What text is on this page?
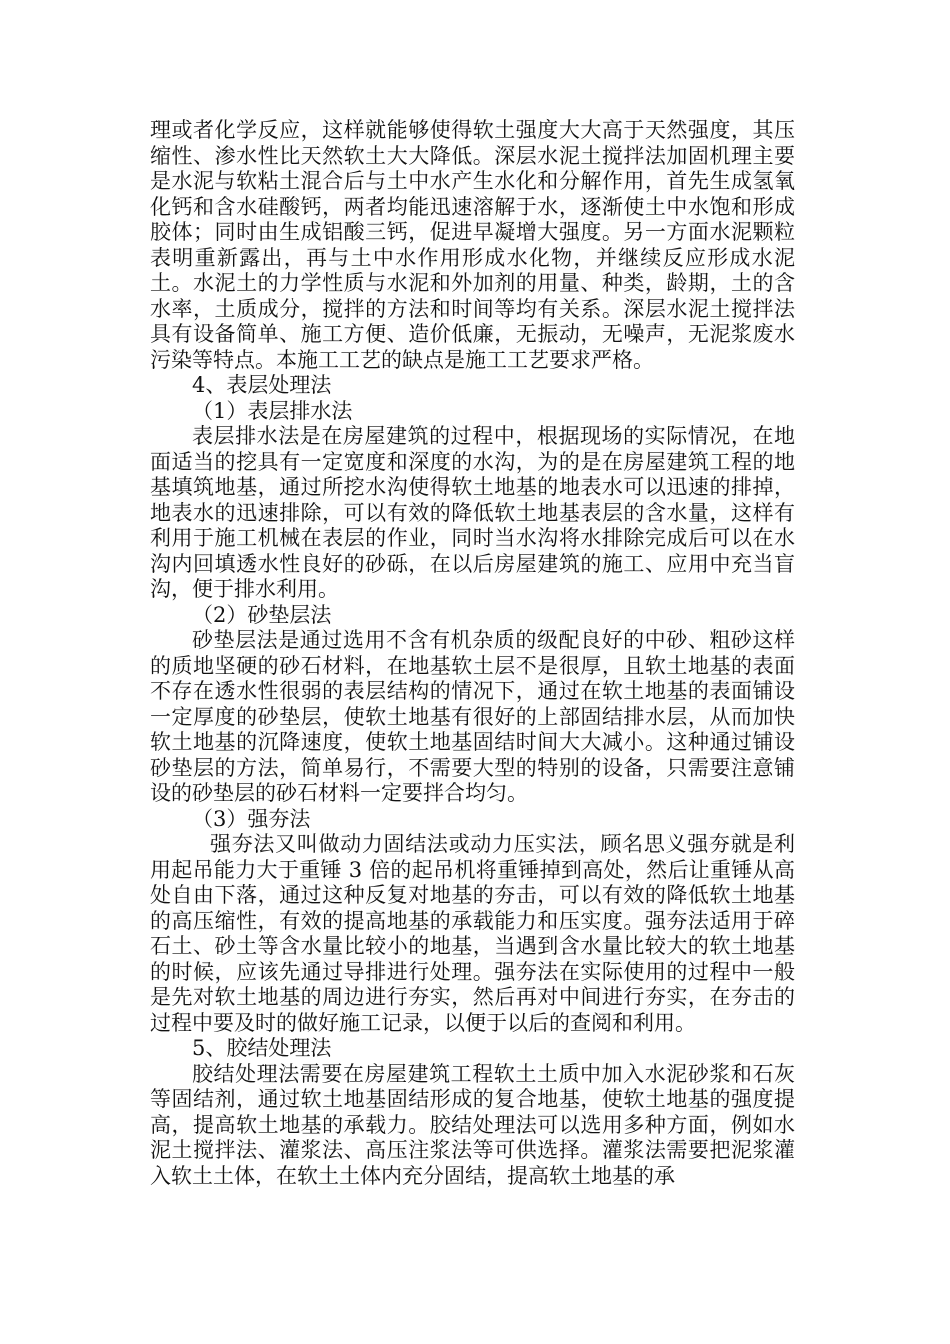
理或者化学反应，这样就能够使得软土强度大大高于天然强度，其压缩性、渗水性比天然软土大大降低。深层水泥土搅拌法加固机理主要是水泥与软粘土混合后与土中水产生水化和分解作用，首先生成氢氧化钙和含水硅酸钙，两者均能迅速溶解于水，逐渐使土中水饱和形成胶体；同时由生成铝酸三钙，促进早凝增大强度。另一方面水泥颗粒表明重新露出，再与土中水作用形成水化物，并继续反应形成水泥土。水泥土的力学性质与水泥和外加剂的用量、种类，龄期，土的含水率，土质成分，搅拌的方法和时间等均有关系。深层水泥土搅拌法具有设备简单、施工方便、造价低廉，无振动，无噪声，无泥浆废水污染等特点。本施工工艺的缺点是施工工艺要求严格。

4、表层处理法

（1）表层排水法

表层排水法是在房屋建筑的过程中，根据现场的实际情况，在地面适当的挖具有一定宽度和深度的水沟，为的是在房屋建筑工程的地基填筑地基，通过所挖水沟使得软土地基的地表水可以迅速的排掉，地表水的迅速排除，可以有效的降低软土地基表层的含水量，这样有利用于施工机械在表层的作业，同时当水沟将水排除完成后可以在水沟内回填透水性良好的砂砾，在以后房屋建筑的施工、应用中充当盲沟，便于排水利用。

（2）砂垫层法

砂垫层法是通过选用不含有机杂质的级配良好的中砂、粗砂这样的质地坚硬的砂石材料，在地基软土层不是很厚，且软土地基的表面不存在透水性很弱的表层结构的情况下，通过在软土地基的表面铺设一定厚度的砂垫层，使软土地基有很好的上部固结排水层，从而加快软土地基的沉降速度，使软土地基固结时间大大减小。这种通过铺设砂垫层的方法，简单易行，不需要大型的特别的设备，只需要注意铺设的砂垫层的砂石材料一定要拌合均匀。

（3）强夯法

强夯法又叫做动力固结法或动力压实法，顾名思义强夯就是利用起吊能力大于重锤 3 倍的起吊机将重锤掉到高处，然后让重锤从高处自由下落，通过这种反复对地基的夯击，可以有效的降低软土地基的高压缩性，有效的提高地基的承载能力和压实度。强夯法适用于碎石土、砂土等含水量比较小的地基，当遇到含水量比较大的软土地基的时候，应该先通过导排进行处理。强夯法在实际使用的过程中一般是先对软土地基的周边进行夯实，然后再对中间进行夯实，在夯击的过程中要及时的做好施工记录，以便于以后的查阅和利用。

5、胶结处理法

胶结处理法需要在房屋建筑工程软土土质中加入水泥砂浆和石灰等固结剂，通过软土地基固结形成的复合地基，使软土地基的强度提高，提高软土地基的承载力。胶结处理法可以选用多种方面，例如水泥土搅拌法、灌浆法、高压注浆法等可供选择。灌浆法需要把泥浆灌入软土土体，在软土土体内充分固结，提高软土地基的承
